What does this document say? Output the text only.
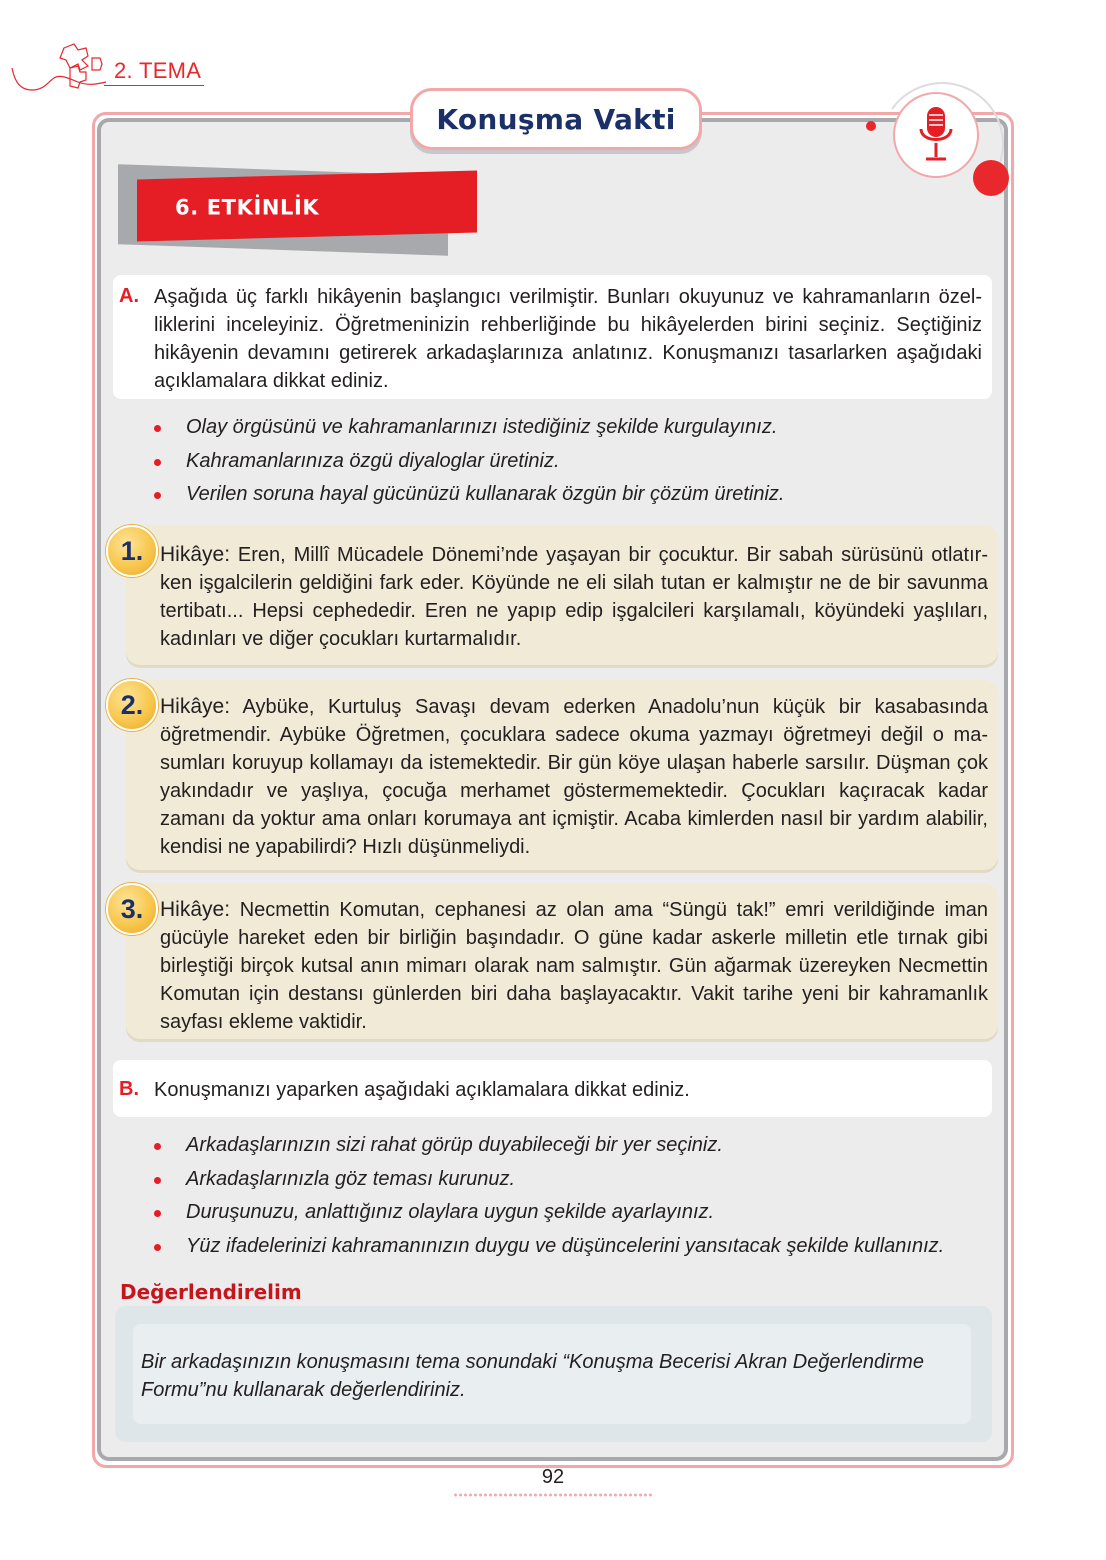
2. TEMA
Konuşma Vakti
6. ETKİNLİK
A. Aşağıda üç farklı hikâyenin başlangıcı verilmiştir. Bunları okuyunuz ve kahramanların özelliklerini inceleyiniz. Öğretmeninizin rehberliğinde bu hikâyelerden birini seçiniz. Seçtiğiniz hikâyenin devamını getirerek arkadaşlarınıza anlatınız. Konuşmanızı tasarlarken aşağıdaki açıklamalara dikkat ediniz.

Olay örgüsünü ve kahramanlarınızı istediğiniz şekilde kurgulayınız.
Kahramanlarınıza özgü diyaloglar üretiniz.
Verilen soruna hayal gücünüzü kullanarak özgün bir çözüm üretiniz.
1. Hikâye: Eren, Millî Mücadele Dönemi’nde yaşayan bir çocuktur. Bir sabah sürüsünü otlatırken işgalcilerin geldiğini fark eder. Köyünde ne eli silah tutan er kalmıştır ne de bir savunma tertibatı... Hepsi cephededir. Eren ne yapıp edip işgalcileri karşılamalı, köyündeki yaşlıları, kadınları ve diğer çocukları kurtarmalıdır.

2. Hikâye: Aybüke, Kurtuluş Savaşı devam ederken Anadolu’nun küçük bir kasabasında öğretmendir. Aybüke Öğretmen, çocuklara sadece okuma yazmayı öğretmeyi değil o masumları koruyup kollamayı da istemektedir. Bir gün köye ulaşan haberle sarsılır. Düşman çok yakındadır ve yaşlıya, çocuğa merhamet göstermemektedir. Çocukları kaçıracak kadar zamanı da yoktur ama onları korumaya ant içmiştir. Acaba kimlerden nasıl bir yardım alabilir, kendisi ne yapabilirdi? Hızlı düşünmeliydi.

3. Hikâye: Necmettin Komutan, cephanesi az olan ama “Süngü tak!” emri verildiğinde iman gücüyle hareket eden bir birliğin başındadır. O güne kadar askerle milletin etle tırnak gibi birleştiği birçok kutsal anın mimarı olarak nam salmıştır. Gün ağarmak üzereyken Necmettin Komutan için destansı günlerden biri daha başlayacaktır. Vakit tarihe yeni bir kahramanlık sayfası ekleme vaktidir.

B. Konuşmanızı yaparken aşağıdaki açıklamalara dikkat ediniz.

Arkadaşlarınızın sizi rahat görüp duyabileceği bir yer seçiniz.
Arkadaşlarınızla göz teması kurunuz.
Duruşunuzu, anlattığınız olaylara uygun şekilde ayarlayınız.
Yüz ifadelerinizi kahramanınızın duygu ve düşüncelerini yansıtacak şekilde kullanınız.
Değerlendirelim

Bir arkadaşınızın konuşmasını tema sonundaki “Konuşma Becerisi Akran Değerlendirme Formu”nu kullanarak değerlendiriniz.

92
